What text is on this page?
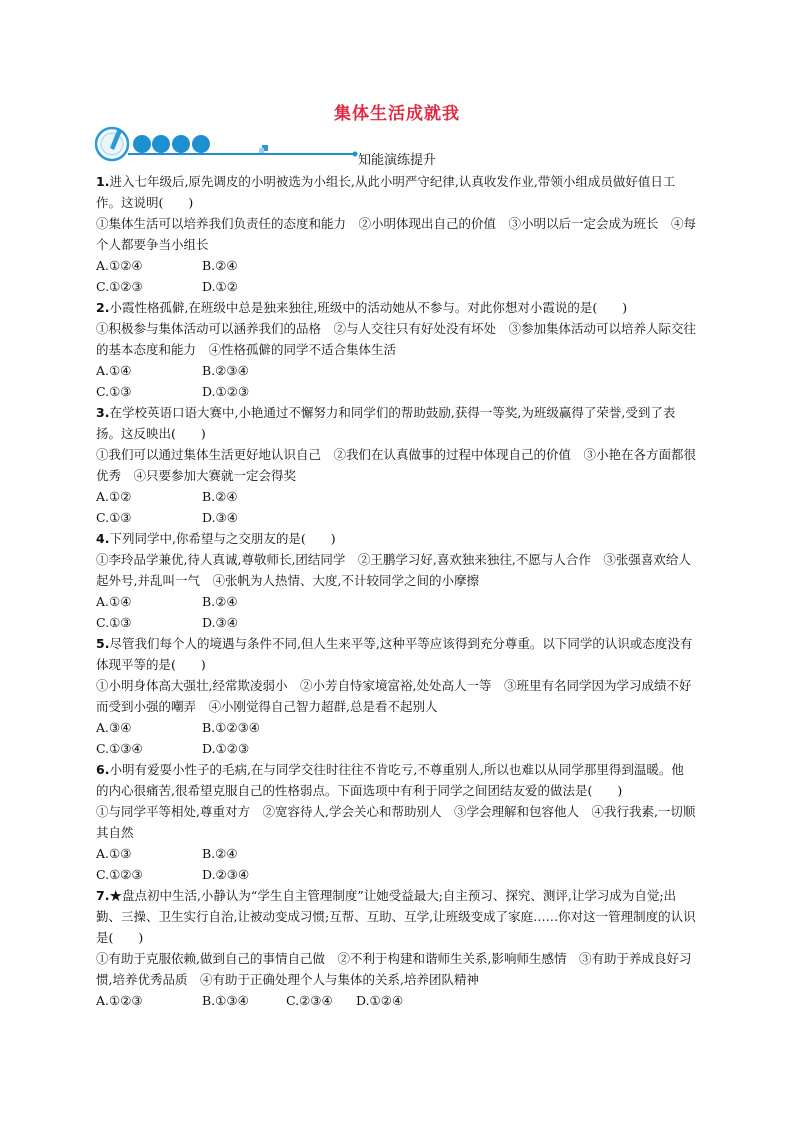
集体生活成就我
知能演练提升

1.进入七年级后,原先调皮的小明被选为小组长,从此小明严守纪律,认真收发作业,带领小组成员做好值日工作。这说明(　　)

①集体生活可以培养我们负责任的态度和能力　②小明体现出自己的价值　③小明以后一定会成为班长　④每个人都要争当小组长

A.①②④	B.②④
C.①②③	D.①②

2.小霞性格孤僻,在班级中总是独来独往,班级中的活动她从不参与。对此你想对小霞说的是(　　)

①积极参与集体活动可以涵养我们的品格　②与人交往只有好处没有坏处　③参加集体活动可以培养人际交往的基本态度和能力　④性格孤僻的同学不适合集体生活

A.①④	B.②③④
C.①③	D.①②③

3.在学校英语口语大赛中,小艳通过不懈努力和同学们的帮助鼓励,获得一等奖,为班级赢得了荣誉,受到了表扬。这反映出(　　)

①我们可以通过集体生活更好地认识自己　②我们在认真做事的过程中体现自己的价值　③小艳在各方面都很优秀　④只要参加大赛就一定会得奖

A.①②	B.②④
C.①③	D.③④

4.下列同学中,你希望与之交朋友的是(　　)

①李玲品学兼优,待人真诚,尊敬师长,团结同学　②王鹏学习好,喜欢独来独往,不愿与人合作　③张强喜欢给人起外号,并乱叫一气　④张帆为人热情、大度,不计较同学之间的小摩擦

A.①④	B.②④
C.①③	D.③④

5.尽管我们每个人的境遇与条件不同,但人生来平等,这种平等应该得到充分尊重。以下同学的认识或态度没有体现平等的是(　　)

①小明身体高大强壮,经常欺凌弱小　②小芳自恃家境富裕,处处高人一等　③班里有名同学因为学习成绩不好而受到小强的嘲弄　④小刚觉得自己智力超群,总是看不起别人

A.③④	B.①②③④
C.①③④	D.①②③

6.小明有爱耍小性子的毛病,在与同学交往时往往不肯吃亏,不尊重别人,所以也难以从同学那里得到温暖。他的内心很痛苦,很希望克服自己的性格弱点。下面选项中有利于同学之间团结友爱的做法是(　　)

①与同学平等相处,尊重对方　②宽容待人,学会关心和帮助别人　③学会理解和包容他人　④我行我素,一切顺其自然

A.①③	B.②④
C.①②③	D.②③④

7.★盘点初中生活,小静认为“学生自主管理制度”让她受益最大;自主预习、探究、测评,让学习成为自觉;出勤、三操、卫生实行自治,让被动变成习惯;互帮、互助、互学,让班级变成了家庭……你对这一管理制度的认识是(　　)

①有助于克服依赖,做到自己的事情自己做　②不利于构建和谐师生关系,影响师生感情　③有助于养成良好习惯,培养优秀品质　④有助于正确处理个人与集体的关系,培养团队精神

A.①②③	B.①③④	C.②③④ D.①②④
